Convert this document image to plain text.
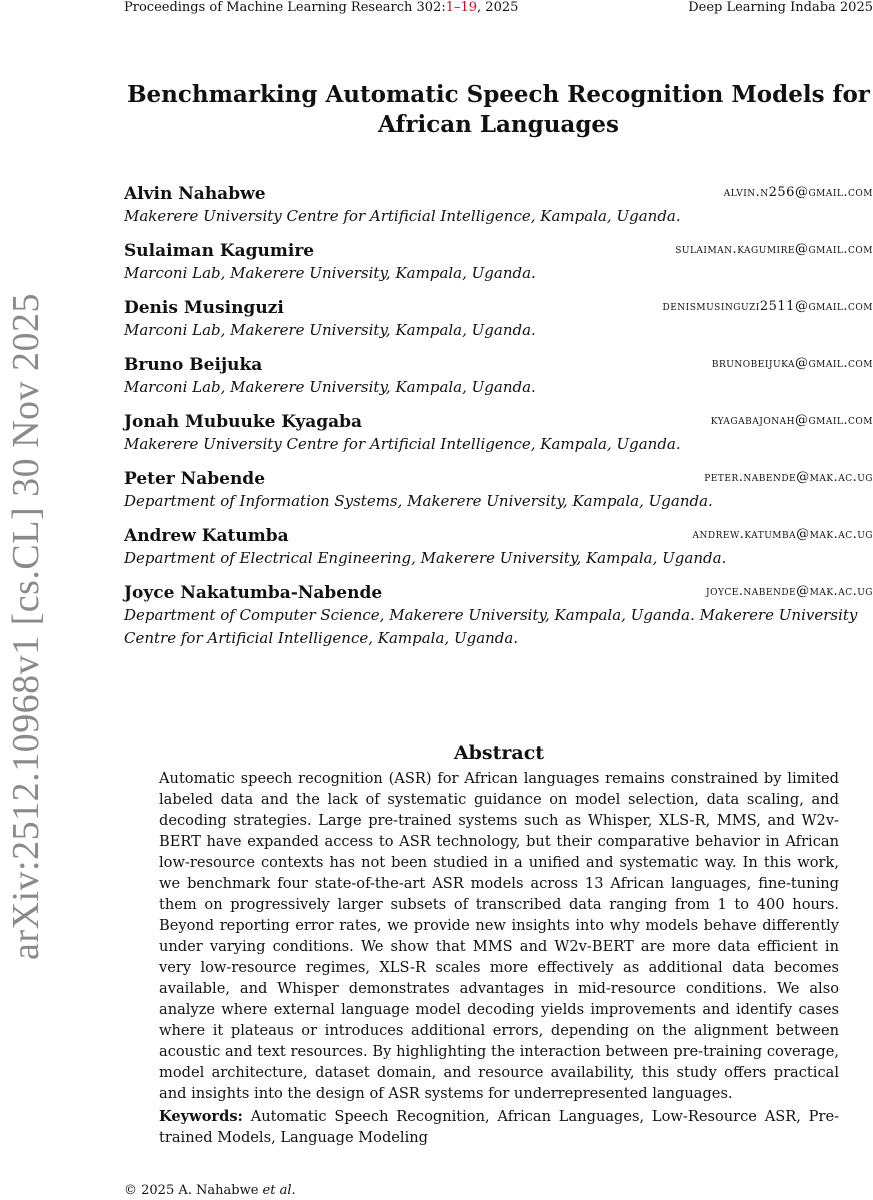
Proceedings of Machine Learning Research 302:1–19, 2025	Deep Learning Indaba 2025
arXiv:2512.10968v1 [cs.CL] 30 Nov 2025
Benchmarking Automatic Speech Recognition Models for African Languages
Alvin Nahabwe	alvin.n256@gmail.com
Makerere University Centre for Artificial Intelligence, Kampala, Uganda.
Sulaiman Kagumire	sulaiman.kagumire@gmail.com
Marconi Lab, Makerere University, Kampala, Uganda.
Denis Musinguzi	denismusinguzi2511@gmail.com
Marconi Lab, Makerere University, Kampala, Uganda.
Bruno Beijuka	brunobeijuka@gmail.com
Marconi Lab, Makerere University, Kampala, Uganda.
Jonah Mubuuke Kyagaba	kyagabajonah@gmail.com
Makerere University Centre for Artificial Intelligence, Kampala, Uganda.
Peter Nabende	peter.nabende@mak.ac.ug
Department of Information Systems, Makerere University, Kampala, Uganda.
Andrew Katumba	andrew.katumba@mak.ac.ug
Department of Electrical Engineering, Makerere University, Kampala, Uganda.
Joyce Nakatumba-Nabende	joyce.nabende@mak.ac.ug
Department of Computer Science, Makerere University, Kampala, Uganda. Makerere University Centre for Artificial Intelligence, Kampala, Uganda.
Abstract

Automatic speech recognition (ASR) for African languages remains constrained by limited labeled data and the lack of systematic guidance on model selection, data scaling, and decoding strategies. Large pre-trained systems such as Whisper, XLS-R, MMS, and W2v-BERT have expanded access to ASR technology, but their comparative behavior in African low-resource contexts has not been studied in a unified and systematic way. In this work, we benchmark four state-of-the-art ASR models across 13 African languages, fine-tuning them on progressively larger subsets of transcribed data ranging from 1 to 400 hours. Beyond reporting error rates, we provide new insights into why models behave differently under varying conditions. We show that MMS and W2v-BERT are more data efficient in very low-resource regimes, XLS-R scales more effectively as additional data becomes available, and Whisper demonstrates advantages in mid-resource conditions. We also analyze where external language model decoding yields improvements and identify cases where it plateaus or introduces additional errors, depending on the alignment between acoustic and text resources. By highlighting the interaction between pre-training coverage, model architecture, dataset domain, and resource availability, this study offers practical and insights into the design of ASR systems for underrepresented languages.

Keywords: Automatic Speech Recognition, African Languages, Low-Resource ASR, Pre-trained Models, Language Modeling

© 2025 A. Nahabwe et al.
